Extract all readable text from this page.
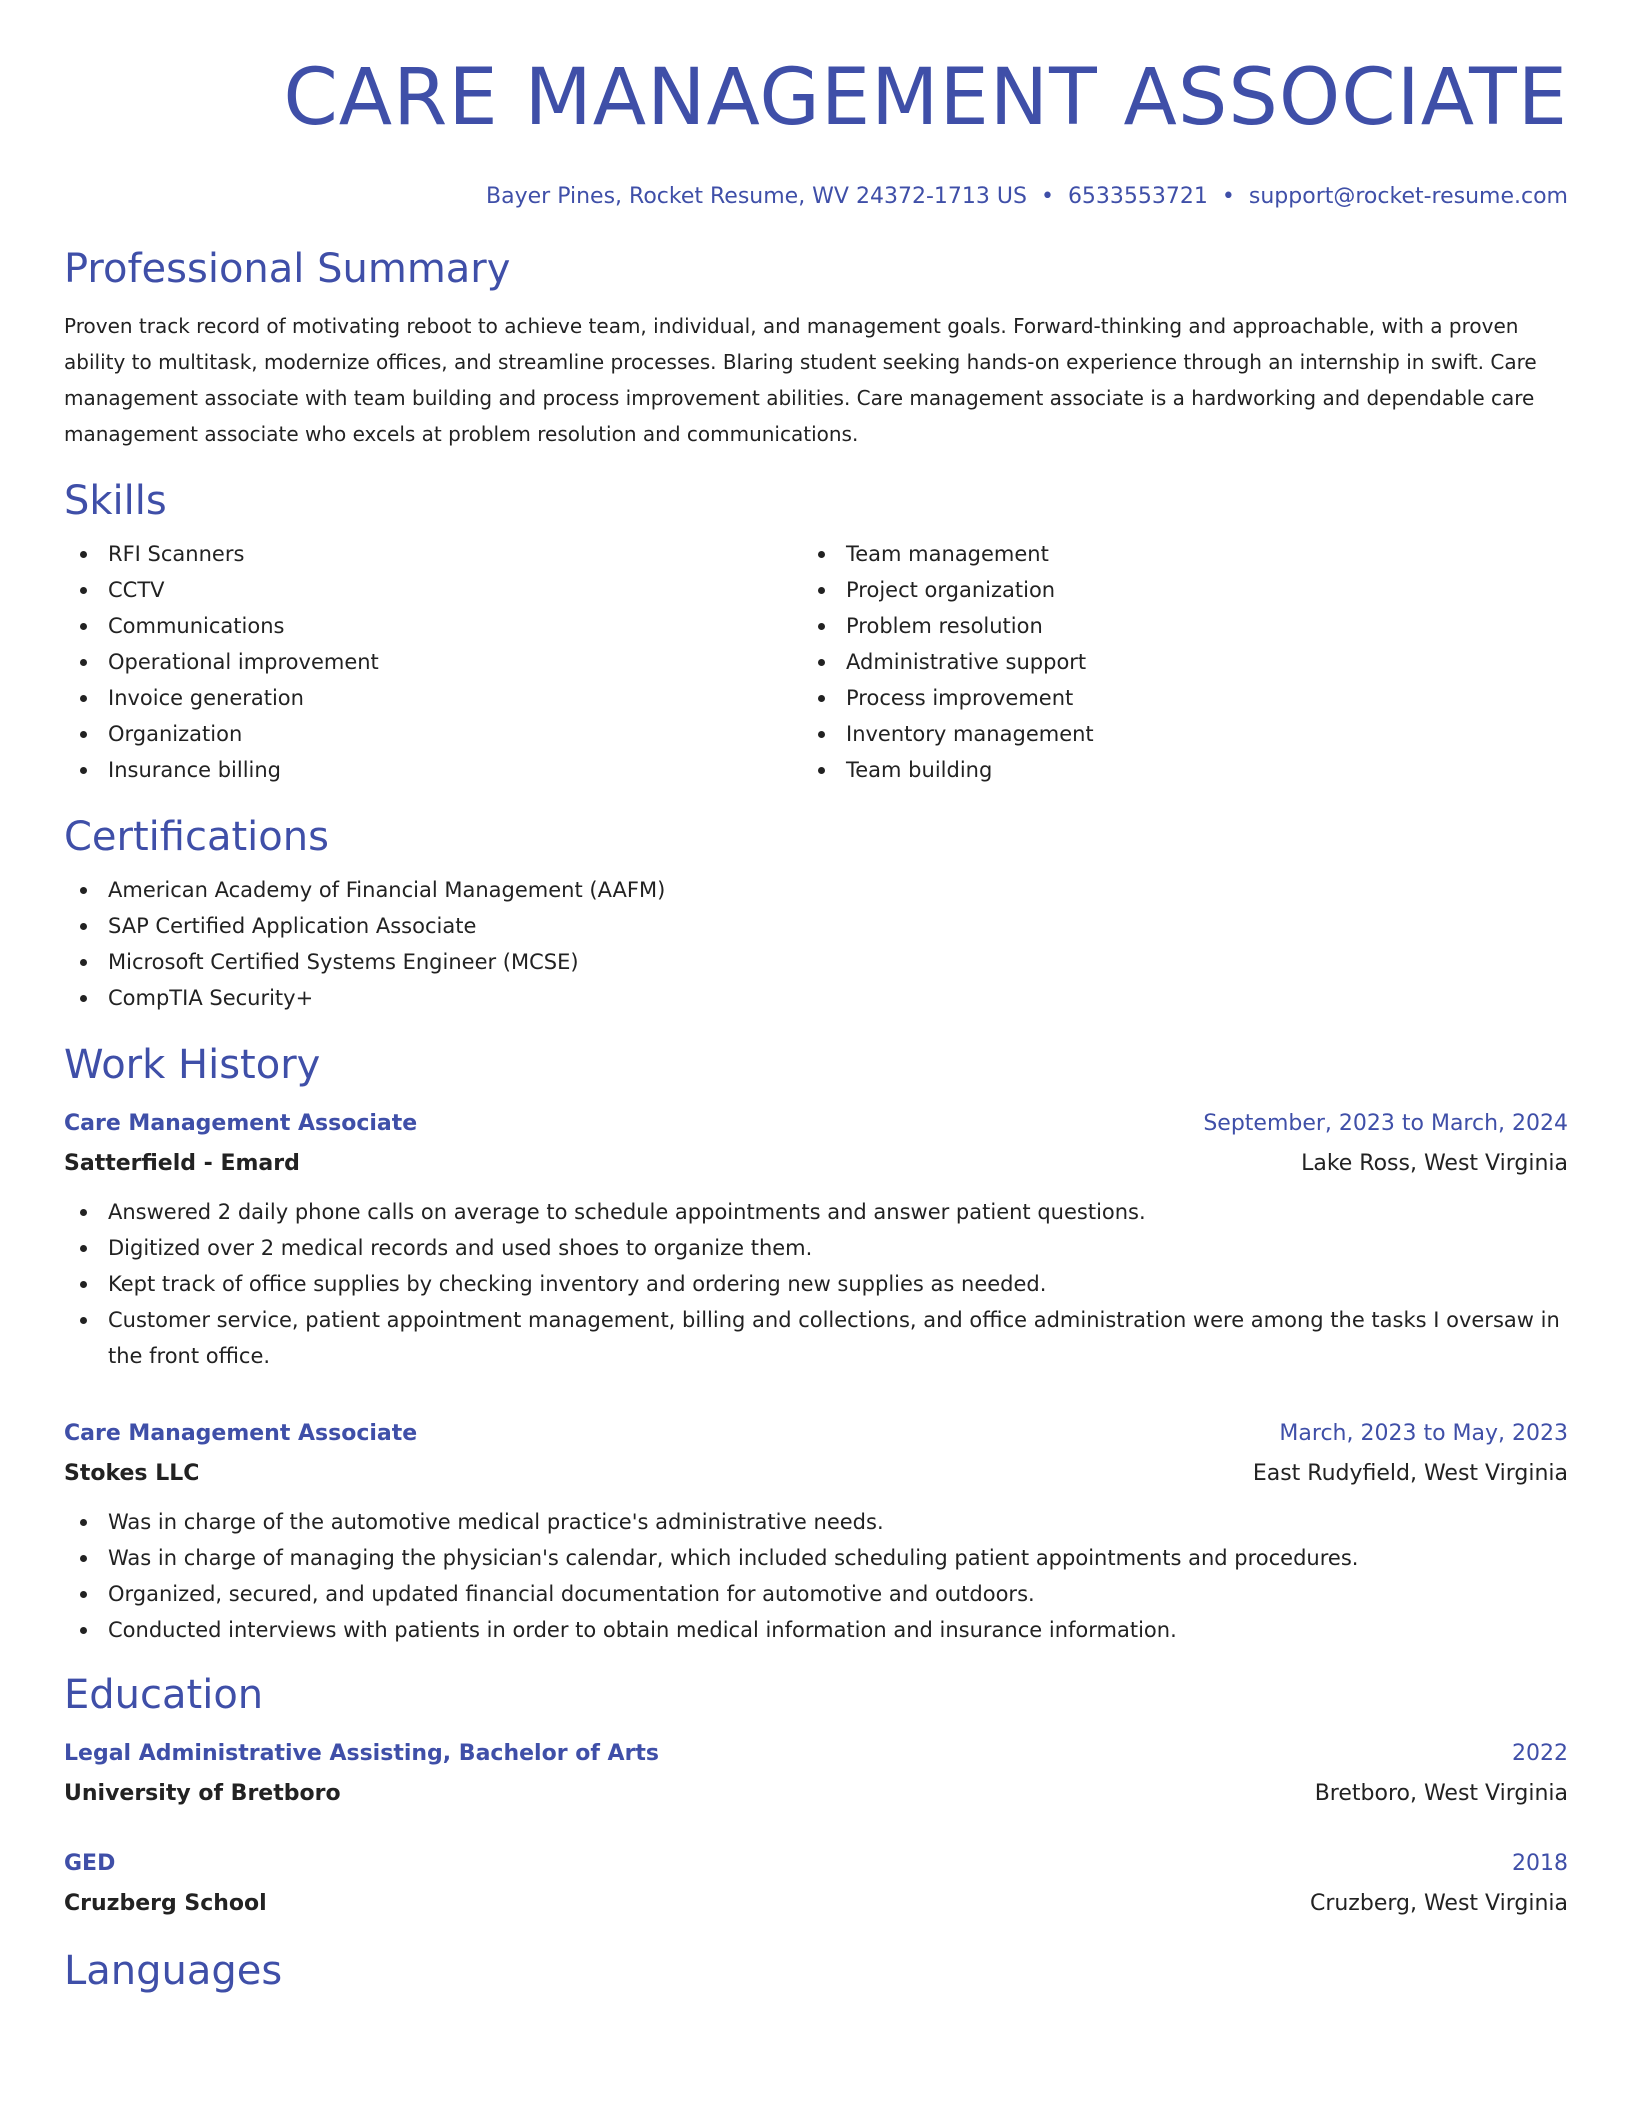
CARE MANAGEMENT ASSOCIATE
Bayer Pines, Rocket Resume, WV 24372-1713 US • 6533553721 • support@rocket-resume.com
Professional Summary
Proven track record of motivating reboot to achieve team, individual, and management goals. Forward-thinking and approachable, with a proven ability to multitask, modernize offices, and streamline processes. Blaring student seeking hands-on experience through an internship in swift. Care management associate with team building and process improvement abilities. Care management associate is a hardworking and dependable care management associate who excels at problem resolution and communications.
Skills
RFI Scanners
CCTV
Communications
Operational improvement
Invoice generation
Organization
Insurance billing
Team management
Project organization
Problem resolution
Administrative support
Process improvement
Inventory management
Team building
Certifications
American Academy of Financial Management (AAFM)
SAP Certified Application Associate
Microsoft Certified Systems Engineer (MCSE)
CompTIA Security+
Work History
Care Management Associate	September, 2023 to March, 2024
Satterfield - Emard	Lake Ross, West Virginia
Answered 2 daily phone calls on average to schedule appointments and answer patient questions.
Digitized over 2 medical records and used shoes to organize them.
Kept track of office supplies by checking inventory and ordering new supplies as needed.
Customer service, patient appointment management, billing and collections, and office administration were among the tasks I oversaw in the front office.
Care Management Associate	March, 2023 to May, 2023
Stokes LLC	East Rudyfield, West Virginia
Was in charge of the automotive medical practice's administrative needs.
Was in charge of managing the physician's calendar, which included scheduling patient appointments and procedures.
Organized, secured, and updated financial documentation for automotive and outdoors.
Conducted interviews with patients in order to obtain medical information and insurance information.
Education
Legal Administrative Assisting, Bachelor of Arts	2022
University of Bretboro	Bretboro, West Virginia
GED	2018
Cruzberg School	Cruzberg, West Virginia
Languages
